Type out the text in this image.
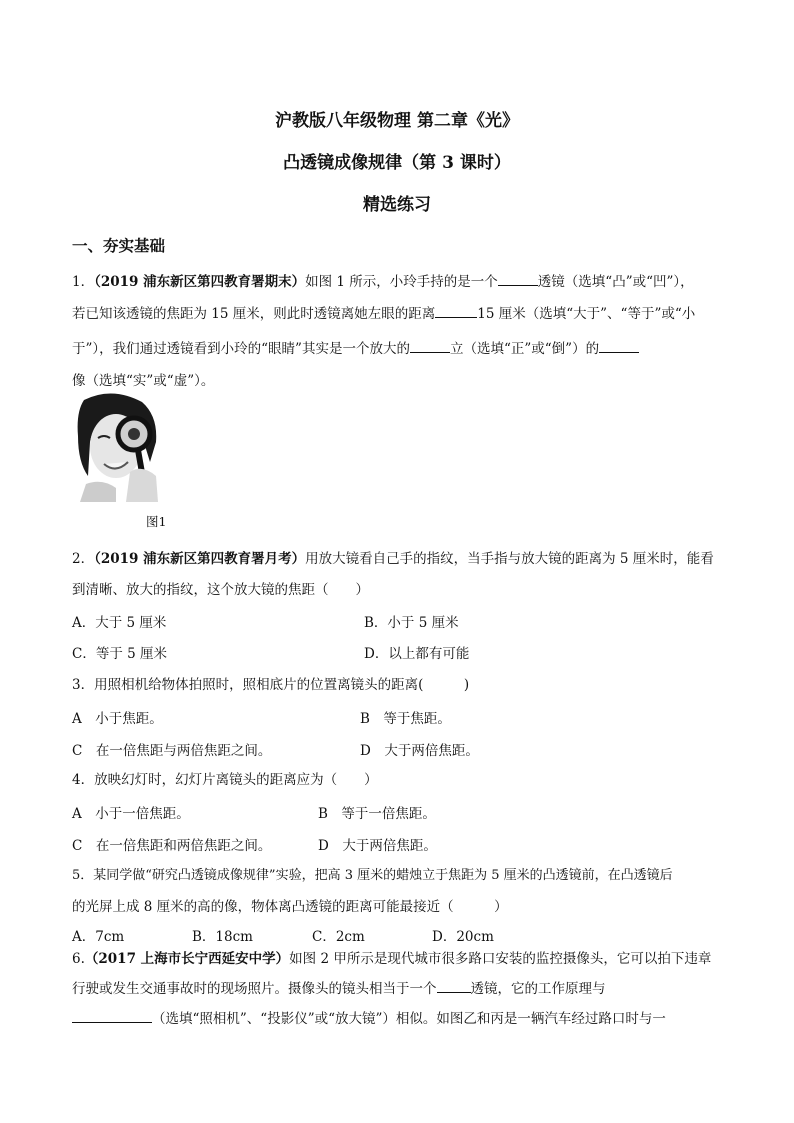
沪教版八年级物理 第二章《光》
凸透镜成像规律（第 3 课时）
精选练习
一、夯实基础
1．（2019 浦东新区第四教育署期末）如图 1 所示，小玲手持的是一个	透镜（选填“凸”或“凹”），
若已知该透镜的焦距为 15 厘米，则此时透镜离她左眼的距离	15 厘米（选填“大于”、“等于”或“小
于”），我们通过透镜看到小玲的“眼睛”其实是一个放大的	立（选填“正”或“倒”）的
像（选填“实”或“虚”）。
图1
2．（2019 浦东新区第四教育署月考）用放大镜看自己手的指纹，当手指与放大镜的距离为 5 厘米时，能看
到清晰、放大的指纹，这个放大镜的焦距（　　）
A．大于 5 厘米	B．小于 5 厘米
C．等于 5 厘米	D．以上都有可能
3．用照相机给物体拍照时，照相底片的位置离镜头的距离(　　　)
A　小于焦距。	B　等于焦距。
C　在一倍焦距与两倍焦距之间。	D　大于两倍焦距。
4．放映幻灯时，幻灯片离镜头的距离应为（　　）
A　小于一倍焦距。	B　等于一倍焦距。
C　在一倍焦距和两倍焦距之间。	D　大于两倍焦距。
5．某同学做“研究凸透镜成像规律”实验，把高 3 厘米的蜡烛立于焦距为 5 厘米的凸透镜前，在凸透镜后
的光屏上成 8 厘米的高的像，物体离凸透镜的距离可能最接近（　　　）
A．7cm	B．18cm	C．2cm	D．20cm
6.（2017 上海市长宁西延安中学）如图 2 甲所示是现代城市很多路口安装的监控摄像头，它可以拍下违章
行驶或发生交通事故时的现场照片。摄像头的镜头相当于一个	透镜，它的工作原理与
（选填“照相机”、“投影仪”或“放大镜”）相似。如图乙和丙是一辆汽车经过路口时与一
